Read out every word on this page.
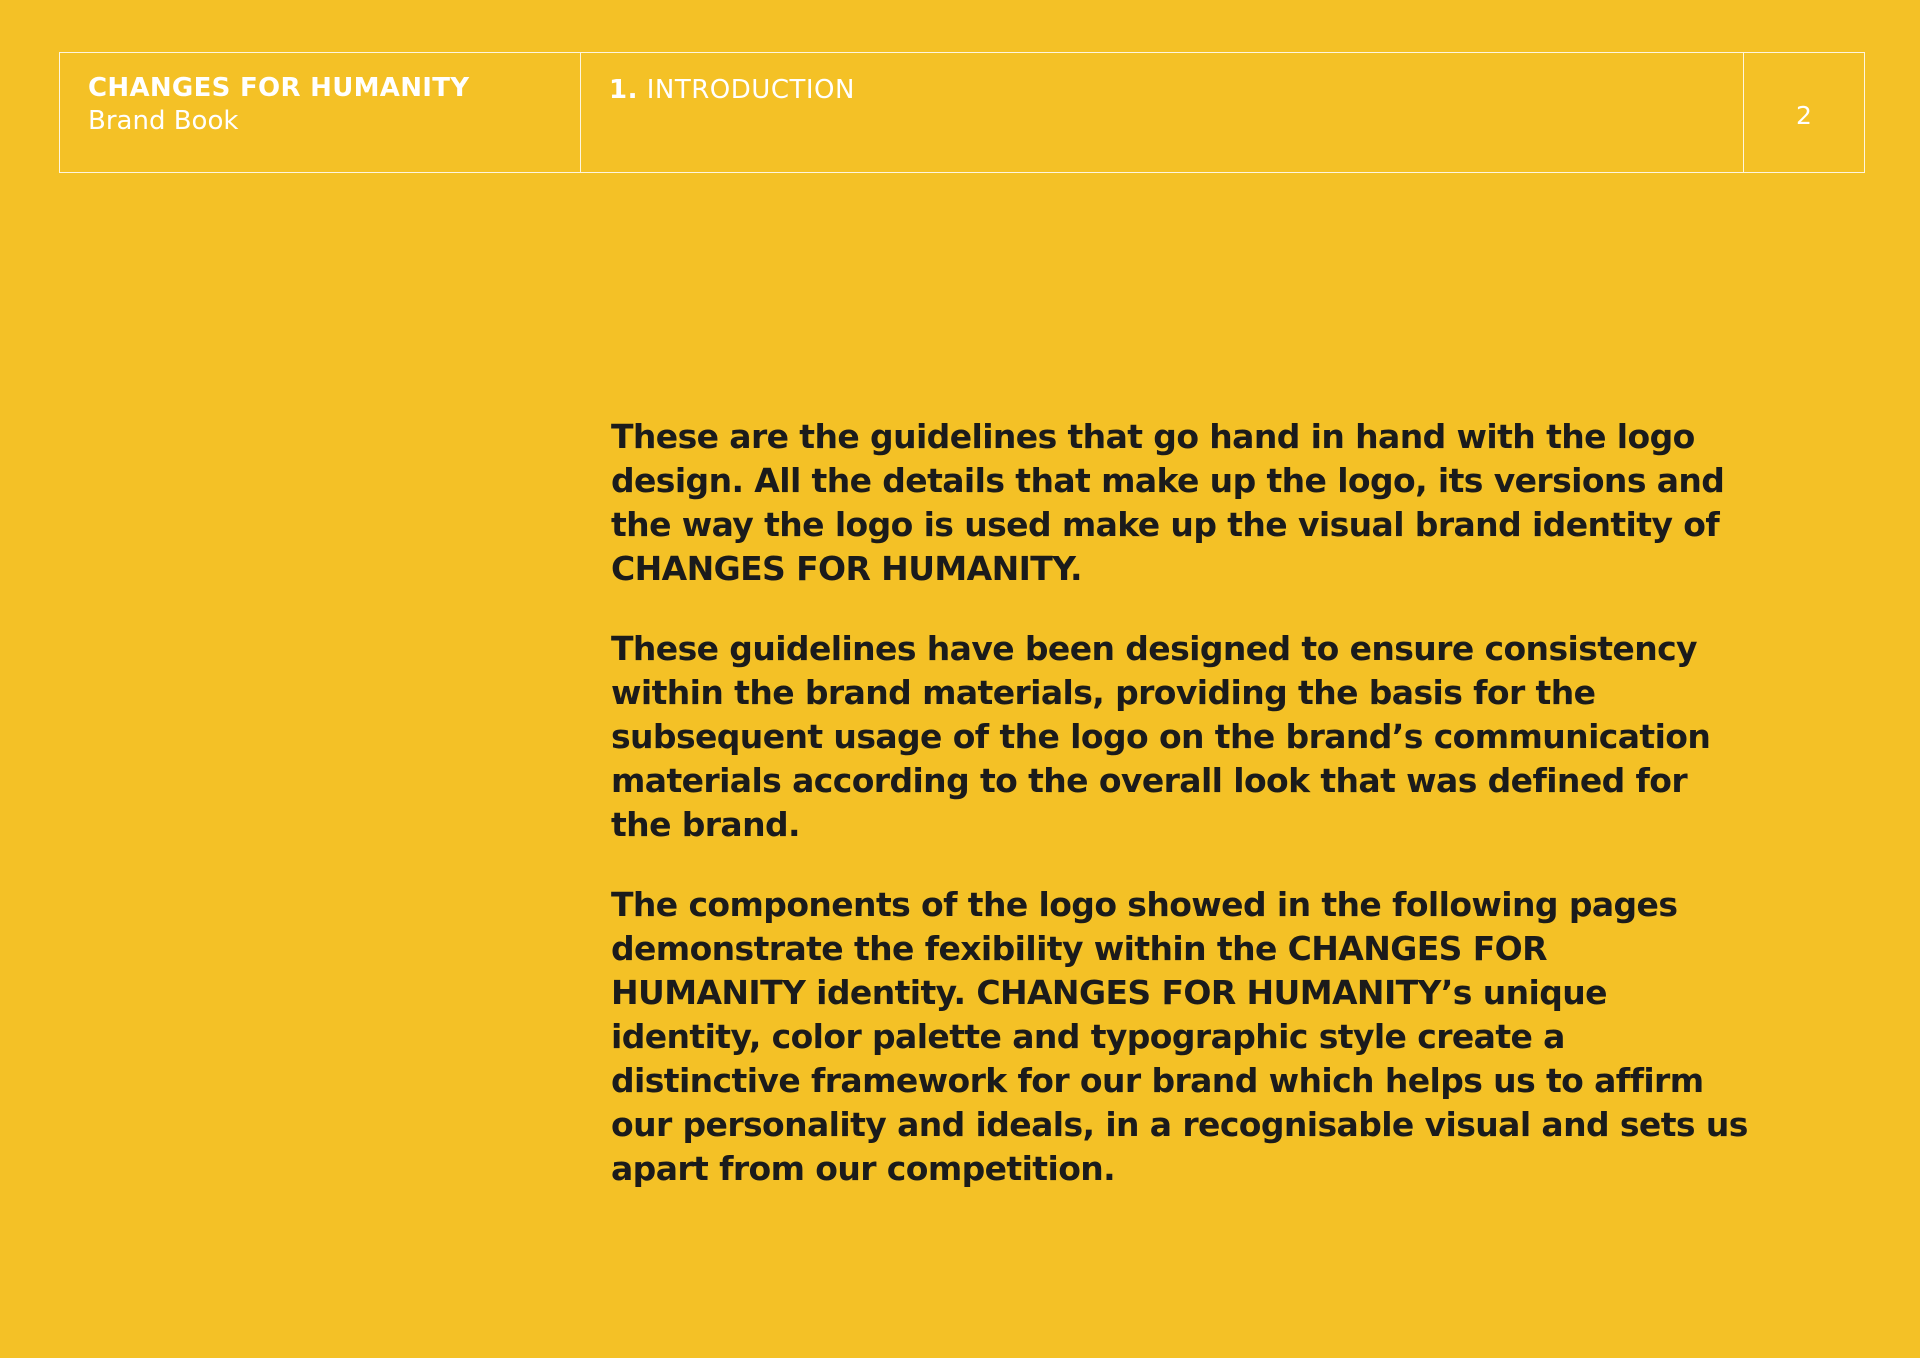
CHANGES FOR HUMANITY
Brand Book
1. INTRODUCTION
2

These are the guidelines that go hand in hand with the logo design. All the details that make up the logo, its versions and the way the logo is used make up the visual brand identity of CHANGES FOR HUMANITY.

These guidelines have been designed to ensure consistency within the brand materials, providing the basis for the subsequent usage of the logo on the brand’s communication materials according to the overall look that was defined for the brand.

The components of the logo showed in the following pages demonstrate the fexibility within the CHANGES FOR HUMANITY identity. CHANGES FOR HUMANITY’s unique identity, color palette and typographic style create a distinctive framework for our brand which helps us to affirm our personality and ideals, in a recognisable visual and sets us apart from our competition.
